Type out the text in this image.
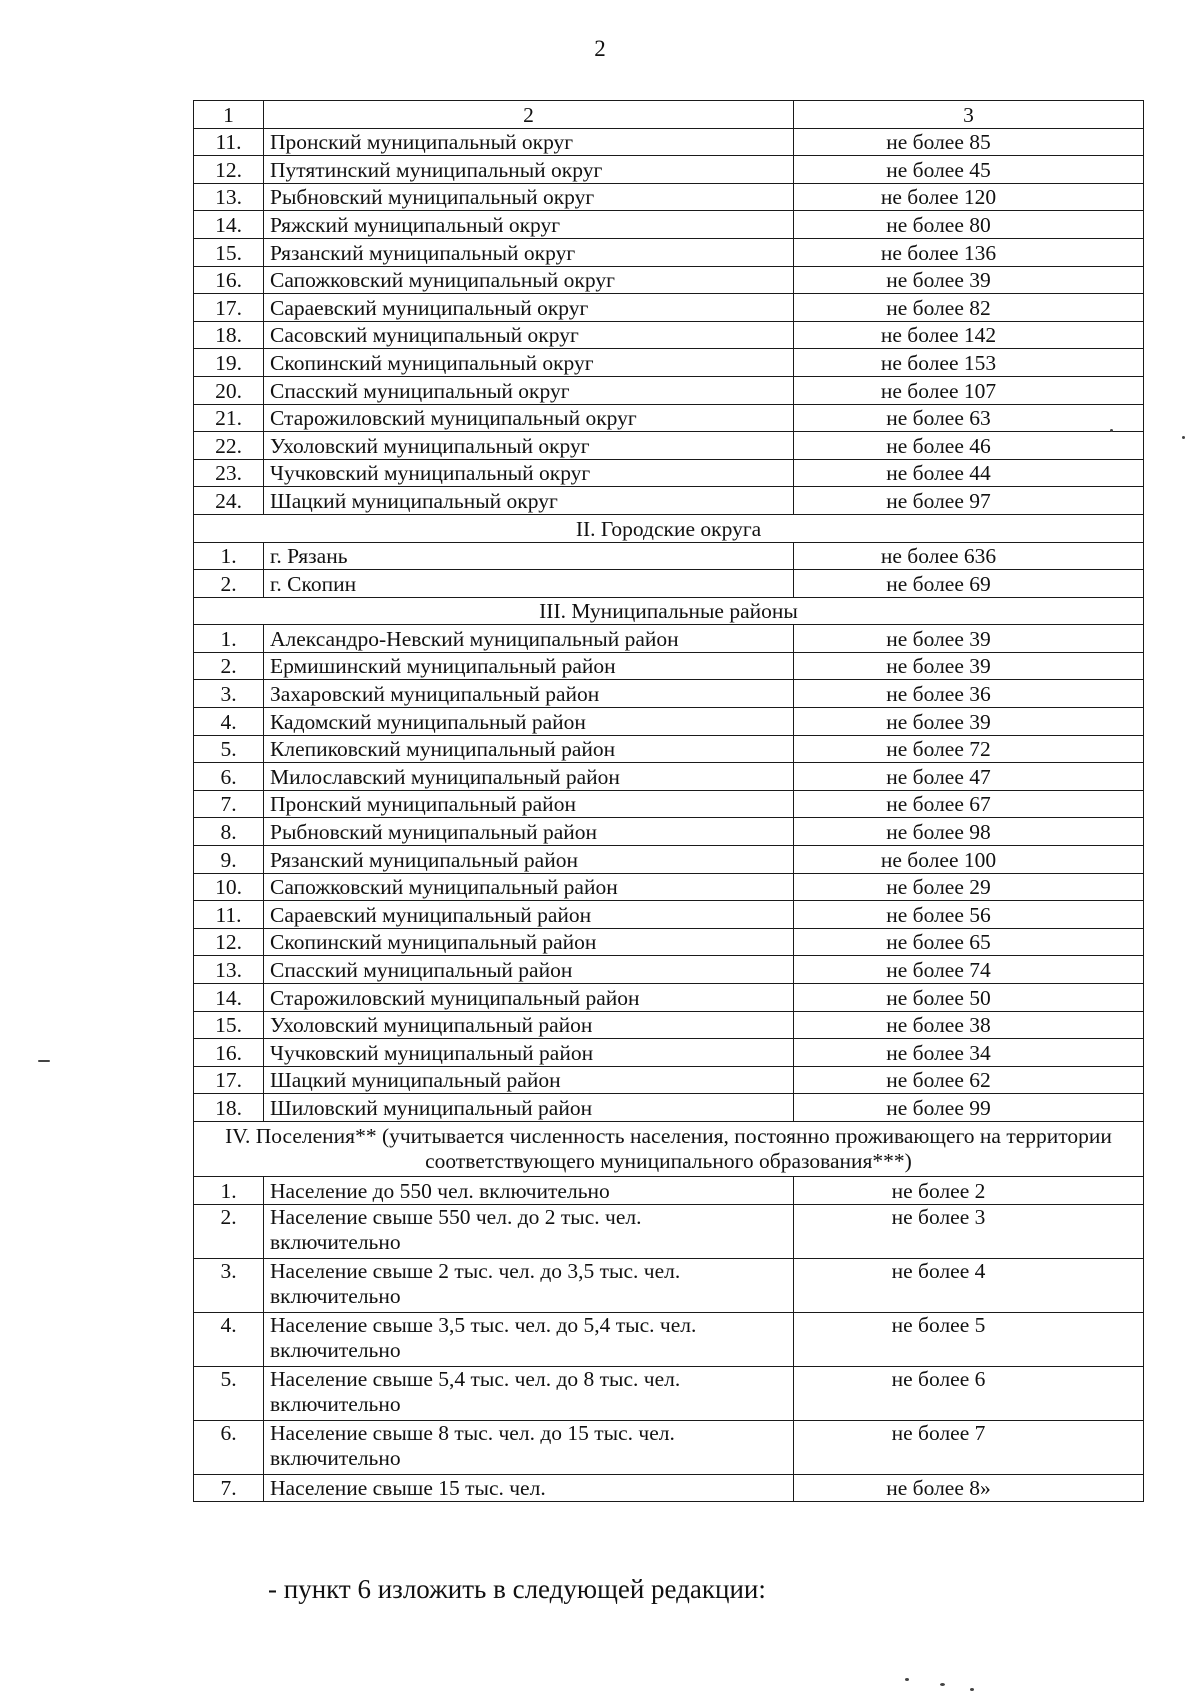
2
1	2	3
11.	Пронский муниципальный округ	не более 85
12.	Путятинский муниципальный округ	не более 45
13.	Рыбновский муниципальный округ	не более 120
14.	Ряжский муниципальный округ	не более 80
15.	Рязанский муниципальный округ	не более 136
16.	Сапожковский муниципальный округ	не более 39
17.	Сараевский муниципальный округ	не более 82
18.	Сасовский муниципальный округ	не более 142
19.	Скопинский муниципальный округ	не более 153
20.	Спасский муниципальный округ	не более 107
21.	Старожиловский муниципальный округ	не более 63
22.	Ухоловский муниципальный округ	не более 46
23.	Чучковский муниципальный округ	не более 44
24.	Шацкий муниципальный округ	не более 97
II. Городские округа		
1.	г. Рязань	не более 636
2.	г. Скопин	не более 69
III. Муниципальные районы		
1.	Александро-Невский муниципальный район	не более 39
2.	Ермишинский муниципальный район	не более 39
3.	Захаровский муниципальный район	не более 36
4.	Кадомский муниципальный район	не более 39
5.	Клепиковский муниципальный район	не более 72
6.	Милославский муниципальный район	не более 47
7.	Пронский муниципальный район	не более 67
8.	Рыбновский муниципальный район	не более 98
9.	Рязанский муниципальный район	не более 100
10.	Сапожковский муниципальный район	не более 29
11.	Сараевский муниципальный район	не более 56
12.	Скопинский муниципальный район	не более 65
13.	Спасский муниципальный район	не более 74
14.	Старожиловский муниципальный район	не более 50
15.	Ухоловский муниципальный район	не более 38
16.	Чучковский муниципальный район	не более 34
17.	Шацкий муниципальный район	не более 62
18.	Шиловский муниципальный район	не более 99
IV. Поселения** (учитывается численность населения, постоянно проживающего на территории соответствующего муниципального образования***)		
1.	Население до 550 чел. включительно	не более 2
2.	Население свыше 550 чел. до 2 тыс. чел. включительно	не более 3
3.	Население свыше 2 тыс. чел. до 3,5 тыс. чел. включительно	не более 4
4.	Население свыше 3,5 тыс. чел. до 5,4 тыс. чел. включительно	не более 5
5.	Население свыше 5,4 тыс. чел. до 8 тыс. чел. включительно	не более 6
6.	Население свыше 8 тыс. чел. до 15 тыс. чел. включительно	не более 7
7.	Население свыше 15 тыс. чел.	не более 8»
- пункт 6 изложить в следующей редакции:
